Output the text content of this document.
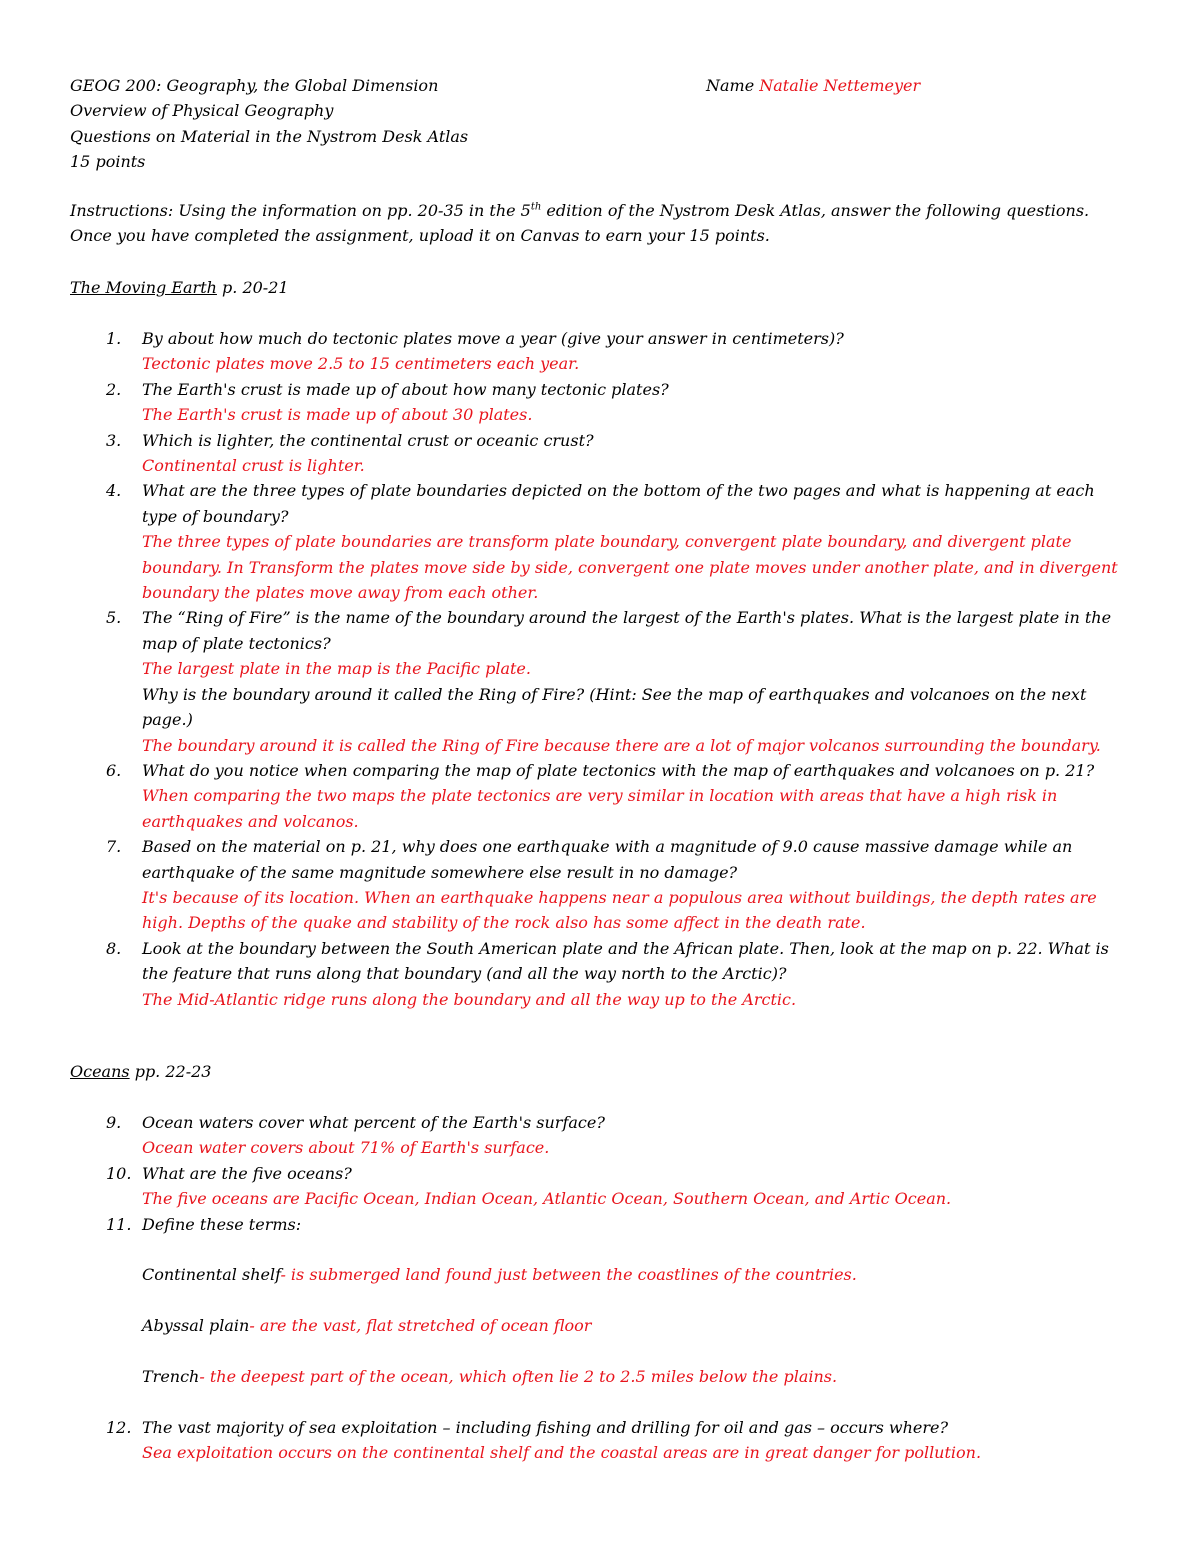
GEOG 200: Geography, the Global Dimension	Name Natalie Nettemeyer
Overview of Physical Geography
Questions on Material in the Nystrom Desk Atlas
15 points
Instructions: Using the information on pp. 20-35 in the 5th edition of the Nystrom Desk Atlas, answer the following questions. Once you have completed the assignment, upload it on Canvas to earn your 15 points.
The Moving Earth p. 20-21
1. By about how much do tectonic plates move a year (give your answer in centimeters)?
Tectonic plates move 2.5 to 15 centimeters each year.
2. The Earth's crust is made up of about how many tectonic plates?
The Earth's crust is made up of about 30 plates.
3. Which is lighter, the continental crust or oceanic crust?
Continental crust is lighter.
4. What are the three types of plate boundaries depicted on the bottom of the two pages and what is happening at each type of boundary?
The three types of plate boundaries are transform plate boundary, convergent plate boundary, and divergent plate boundary. In Transform the plates move side by side, convergent one plate moves under another plate, and in divergent boundary the plates move away from each other.
5. The “Ring of Fire” is the name of the boundary around the largest of the Earth's plates. What is the largest plate in the map of plate tectonics?
The largest plate in the map is the Pacific plate.
Why is the boundary around it called the Ring of Fire? (Hint: See the map of earthquakes and volcanoes on the next page.)
The boundary around it is called the Ring of Fire because there are a lot of major volcanos surrounding the boundary.
6. What do you notice when comparing the map of plate tectonics with the map of earthquakes and volcanoes on p. 21?
When comparing the two maps the plate tectonics are very similar in location with areas that have a high risk in earthquakes and volcanos.
7. Based on the material on p. 21, why does one earthquake with a magnitude of 9.0 cause massive damage while an earthquake of the same magnitude somewhere else result in no damage?
It's because of its location. When an earthquake happens near a populous area without buildings, the depth rates are high. Depths of the quake and stability of the rock also has some affect in the death rate.
8. Look at the boundary between the South American plate and the African plate. Then, look at the map on p. 22. What is the feature that runs along that boundary (and all the way north to the Arctic)?
The Mid-Atlantic ridge runs along the boundary and all the way up to the Arctic.
Oceans pp. 22-23
9. Ocean waters cover what percent of the Earth's surface?
Ocean water covers about 71% of Earth's surface.
10. What are the five oceans?
The five oceans are Pacific Ocean, Indian Ocean, Atlantic Ocean, Southern Ocean, and Artic Ocean.
11. Define these terms:
Continental shelf- is submerged land found just between the coastlines of the countries.
Abyssal plain- are the vast, flat stretched of ocean floor
Trench- the deepest part of the ocean, which often lie 2 to 2.5 miles below the plains.
12. The vast majority of sea exploitation – including fishing and drilling for oil and gas – occurs where?
Sea exploitation occurs on the continental shelf and the coastal areas are in great danger for pollution.
